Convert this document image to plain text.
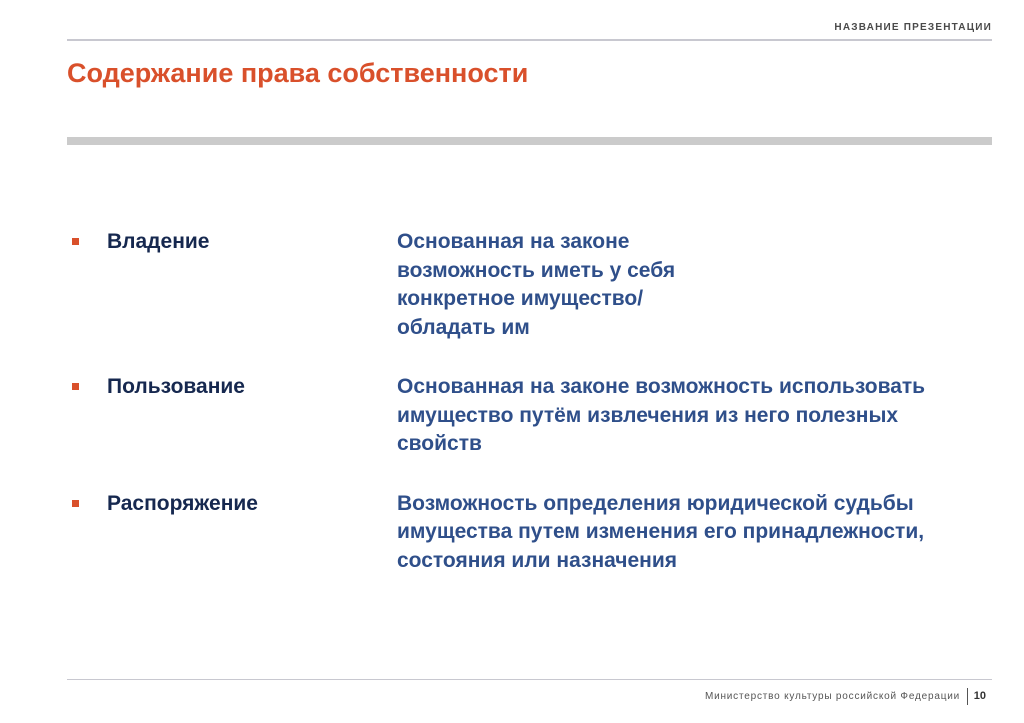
НАЗВАНИЕ ПРЕЗЕНТАЦИИ
Содержание права собственности
Владение	Основанная на законе возможность иметь у себя конкретное имущество/обладать им
Пользование	Основанная на законе возможность использовать имущество путём извлечения из него полезных свойств
Распоряжение	Возможность определения юридической судьбы имущества путем изменения его принадлежности, состояния или назначения
Министерство культуры российской Федерации 10
